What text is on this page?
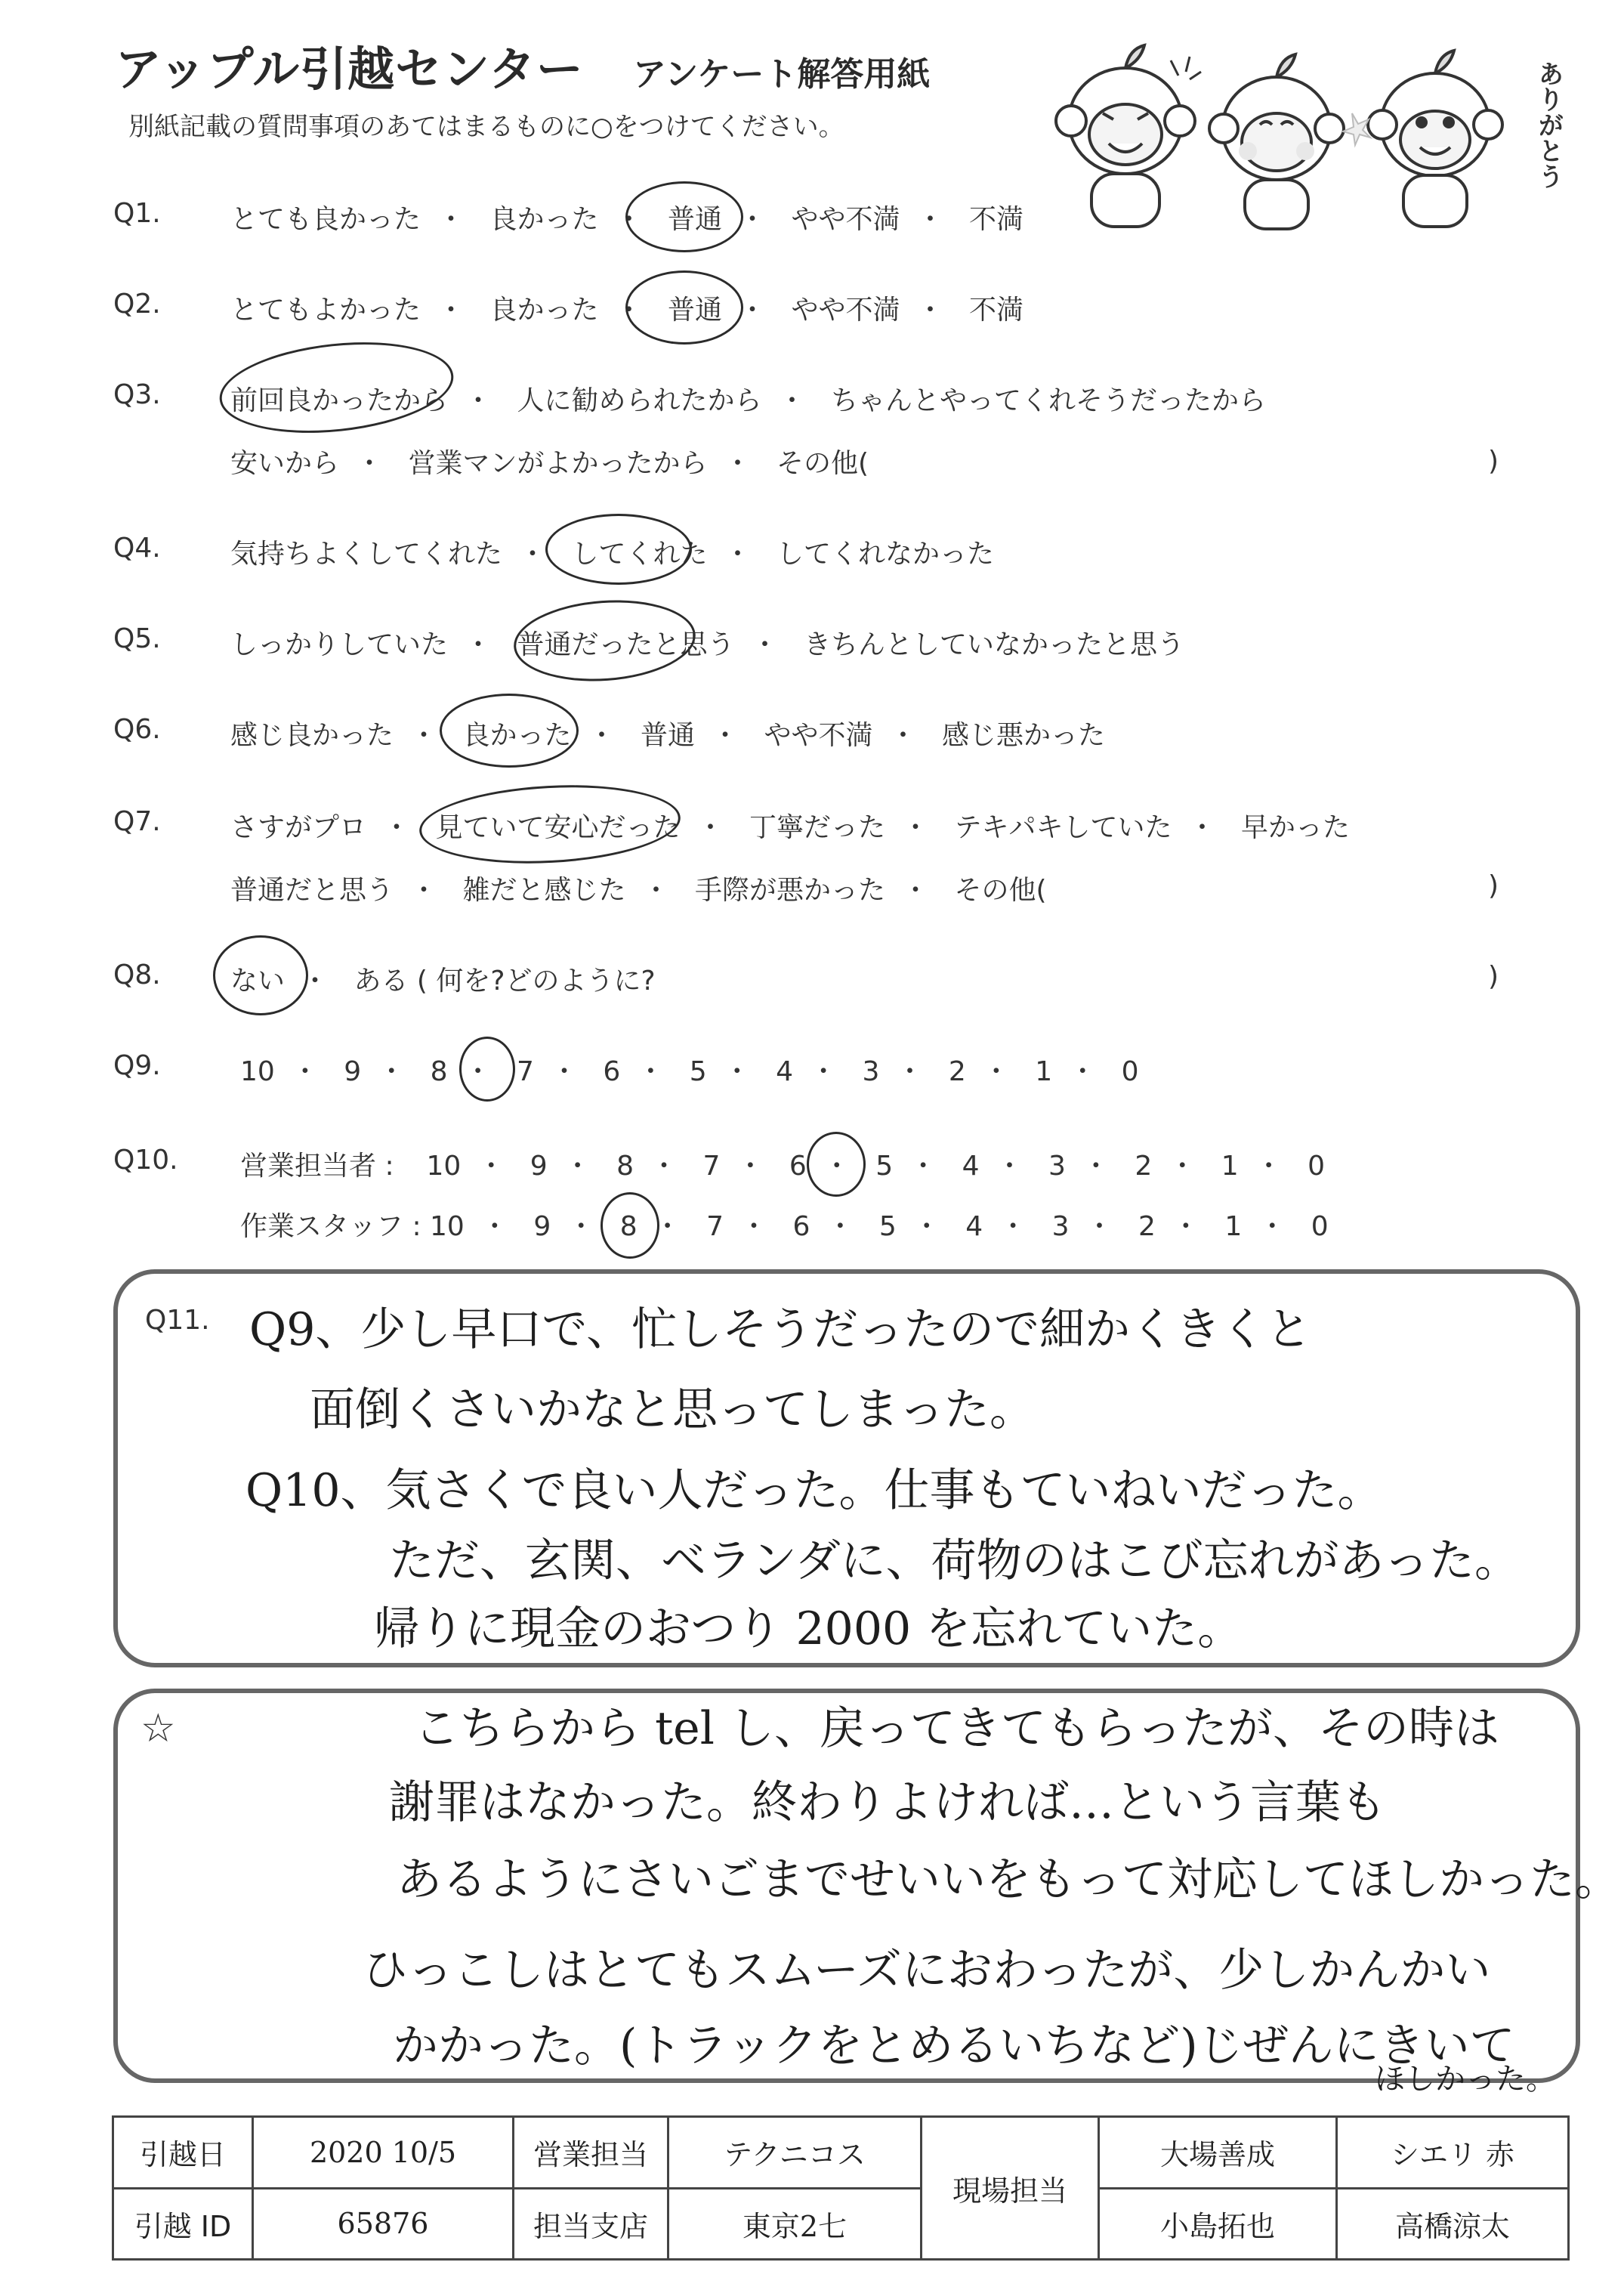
アップル引越センター アンケート解答用紙
別紙記載の質問事項のあてはまるものに○をつけてください。	ありがとう
Q1.	とても良かった ・ 良かった ・ 普通 ・ やや不満 ・ 不満
Q2.	とてもよかった ・ 良かった ・ 普通 ・ やや不満 ・ 不満
Q3.	前回良かったから ・ 人に勧められたから ・ ちゃんとやってくれそうだったから
安いから ・ 営業マンがよかったから ・ その他(	)
Q4.	気持ちよくしてくれた ・ してくれた ・ してくれなかった
Q5.	しっかりしていた ・ 普通だったと思う ・ きちんとしていなかったと思う
Q6.	感じ良かった ・ 良かった ・ 普通 ・ やや不満 ・ 感じ悪かった
Q7.	さすがプロ ・ 見ていて安心だった ・ 丁寧だった ・ テキパキしていた ・ 早かった
普通だと思う ・ 雑だと感じた ・ 手際が悪かった ・ その他(	)
Q8.	ない ・ ある ( 何を?どのように?	)
Q9.	10 ・ 9 ・ 8 ・ 7 ・ 6 ・ 5 ・ 4 ・ 3 ・ 2 ・ 1 ・ 0
Q10. 営業担当者 : 10 ・ 9 ・ 8 ・ 7 ・ 6 ・ 5 ・ 4 ・ 3 ・ 2 ・ 1 ・ 0
作業スタッフ : 10 ・ 9 ・ 8 ・ 7 ・ 6 ・ 5 ・ 4 ・ 3 ・ 2 ・ 1 ・ 0
Q11. Q9、少し早口で、忙しそうだったので細かくきくと
面倒くさいかなと思ってしまった。
Q10、気さくで良い人だった。仕事もていねいだった。
ただ、玄関、ベランダに、荷物のはこび忘れがあった。
帰りに現金のおつり 2000 を忘れていた。
☆	こちらから tel し、戻ってきてもらったが、その時は
謝罪はなかった。終わりよければ…という言葉も
あるようにさいごまでせいいをもって対応してほしかった。
ひっこしはとてもスムーズにおわったが、少しかんかい
かかった。(トラックをとめるいちなど)じぜんにきいて
ほしかった。
引越日	2020 10/5	営業担当	テクニコス	現場担当	大場善成	シエリ 赤
引越 ID	65876	担当支店	東京2七		小島拓也	高橋涼太
